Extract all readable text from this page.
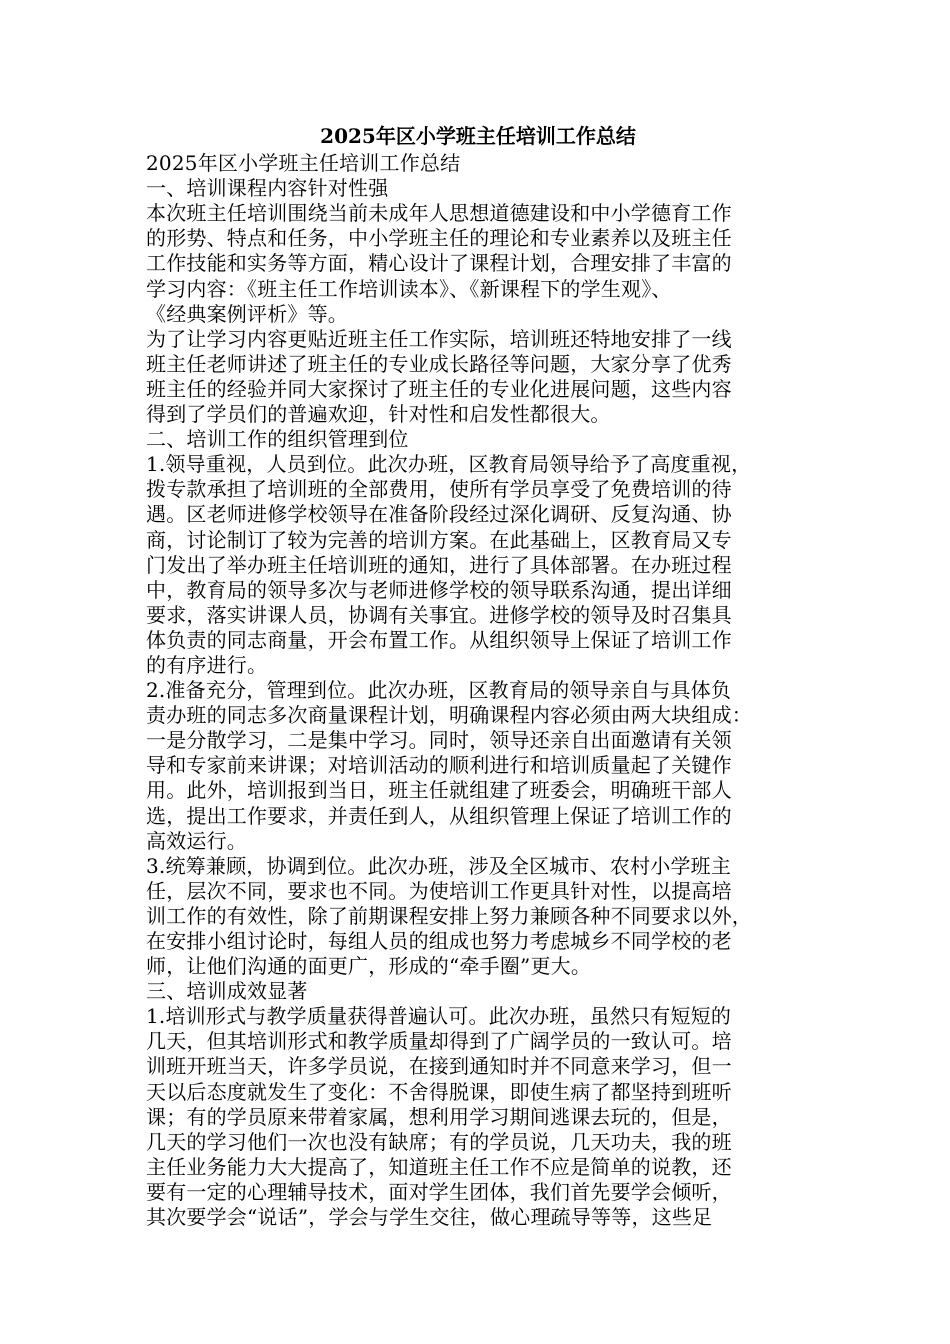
2025年区小学班主任培训工作总结
2025年区小学班主任培训工作总结
一、培训课程内容针对性强
本次班主任培训围绕当前未成年人思想道德建设和中小学德育工作
的形势、特点和任务，中小学班主任的理论和专业素养以及班主任
工作技能和实务等方面，精心设计了课程计划，合理安排了丰富的
学习内容：《班主任工作培训读本》、《新课程下的学生观》、
《经典案例评析》等。
为了让学习内容更贴近班主任工作实际，培训班还特地安排了一线
班主任老师讲述了班主任的专业成长路径等问题，大家分享了优秀
班主任的经验并同大家探讨了班主任的专业化进展问题，这些内容
得到了学员们的普遍欢迎，针对性和启发性都很大。
二、培训工作的组织管理到位
1.领导重视，人员到位。此次办班，区教育局领导给予了高度重视，
拨专款承担了培训班的全部费用，使所有学员享受了免费培训的待
遇。区老师进修学校领导在准备阶段经过深化调研、反复沟通、协
商，讨论制订了较为完善的培训方案。在此基础上，区教育局又专
门发出了举办班主任培训班的通知，进行了具体部署。在办班过程
中，教育局的领导多次与老师进修学校的领导联系沟通，提出详细
要求，落实讲课人员，协调有关事宜。进修学校的领导及时召集具
体负责的同志商量，开会布置工作。从组织领导上保证了培训工作
的有序进行。
2.准备充分，管理到位。此次办班，区教育局的领导亲自与具体负
责办班的同志多次商量课程计划，明确课程内容必须由两大块组成：
一是分散学习，二是集中学习。同时，领导还亲自出面邀请有关领
导和专家前来讲课；对培训活动的顺利进行和培训质量起了关键作
用。此外，培训报到当日，班主任就组建了班委会，明确班干部人
选，提出工作要求，并责任到人，从组织管理上保证了培训工作的
高效运行。
3.统筹兼顾，协调到位。此次办班，涉及全区城市、农村小学班主
任，层次不同，要求也不同。为使培训工作更具针对性，以提高培
训工作的有效性，除了前期课程安排上努力兼顾各种不同要求以外，
在安排小组讨论时，每组人员的组成也努力考虑城乡不同学校的老
师，让他们沟通的面更广，形成的“牵手圈”更大。
三、培训成效显著
1.培训形式与教学质量获得普遍认可。此次办班，虽然只有短短的
几天，但其培训形式和教学质量却得到了广阔学员的一致认可。培
训班开班当天，许多学员说，在接到通知时并不同意来学习，但一
天以后态度就发生了变化：不舍得脱课，即使生病了都坚持到班听
课；有的学员原来带着家属，想利用学习期间逃课去玩的，但是，
几天的学习他们一次也没有缺席；有的学员说，几天功夫，我的班
主任业务能力大大提高了，知道班主任工作不应是简单的说教，还
要有一定的心理辅导技术，面对学生团体，我们首先要学会倾听，
其次要学会“说话”，学会与学生交往，做心理疏导等等，这些足
